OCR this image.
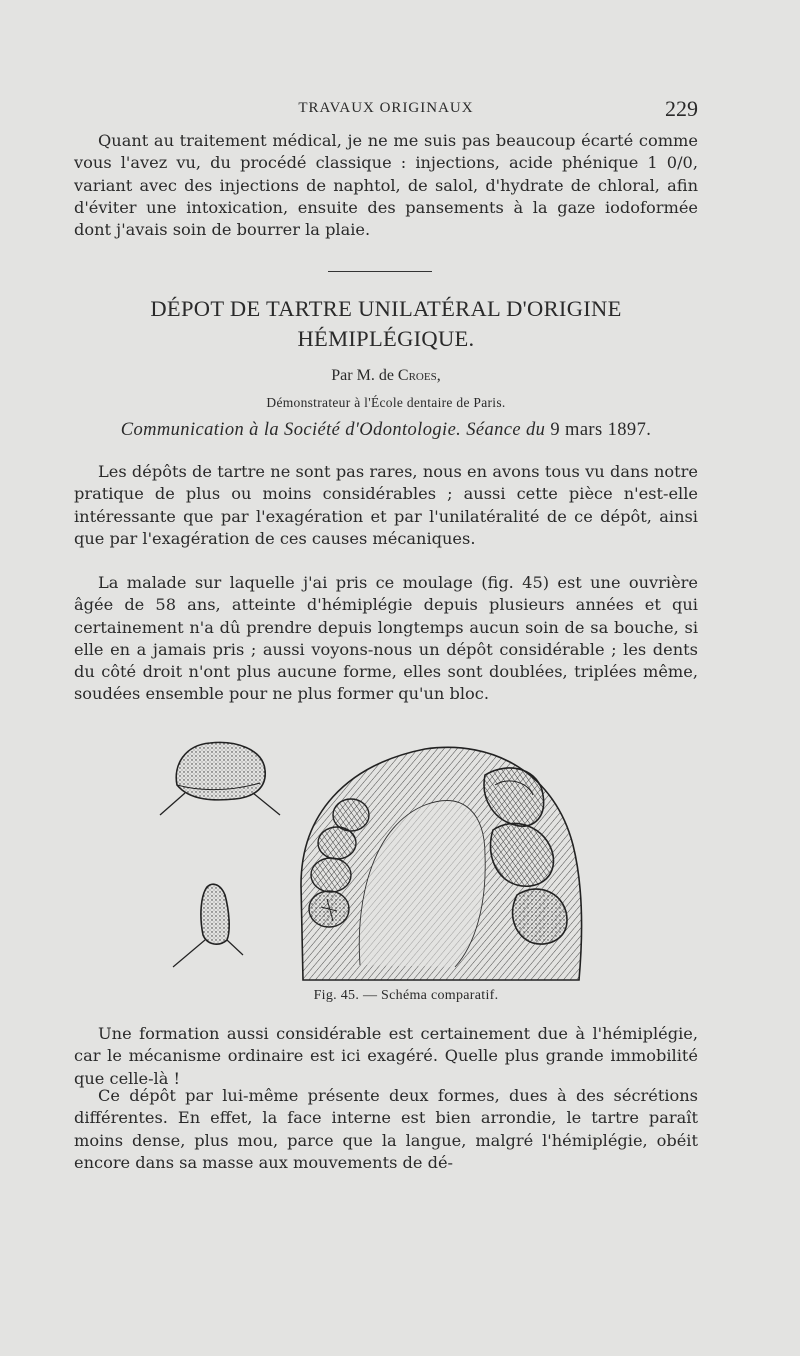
TRAVAUX ORIGINAUX	229

Quant au traitement médical, je ne me suis pas beaucoup écarté comme vous l'avez vu, du procédé classique : injections, acide phénique 1 0/0, variant avec des injections de naphtol, de salol, d'hydrate de chloral, afin d'éviter une intoxication, ensuite des pansements à la gaze iodoformée dont j'avais soin de bourrer la plaie.

DÉPOT DE TARTRE UNILATÉRAL D'ORIGINE
HÉMIPLÉGIQUE.
Par M. de Croes,
Démonstrateur à l'École dentaire de Paris.
Communication à la Société d'Odontologie. Séance du 9 mars 1897.

Les dépôts de tartre ne sont pas rares, nous en avons tous vu dans notre pratique de plus ou moins considérables ; aussi cette pièce n'est-elle intéressante que par l'exagération et par l'unilatéralité de ce dépôt, ainsi que par l'exagération de ces causes mécaniques.

La malade sur laquelle j'ai pris ce moulage (fig. 45) est une ouvrière âgée de 58 ans, atteinte d'hémiplégie depuis plusieurs années et qui certainement n'a dû prendre depuis longtemps aucun soin de sa bouche, si elle en a jamais pris ; aussi voyons-nous un dépôt considérable ; les dents du côté droit n'ont plus aucune forme, elles sont doublées, triplées même, soudées ensemble pour ne plus former qu'un bloc.

Fig. 45. — Schéma comparatif.

Une formation aussi considérable est certainement due à l'hémiplégie, car le mécanisme ordinaire est ici exagéré. Quelle plus grande immobilité que celle-là !

Ce dépôt par lui-même présente deux formes, dues à des sécrétions différentes. En effet, la face interne est bien arrondie, le tartre paraît moins dense, plus mou, parce que la langue, malgré l'hémiplégie, obéit encore dans sa masse aux mouvements de dé-
